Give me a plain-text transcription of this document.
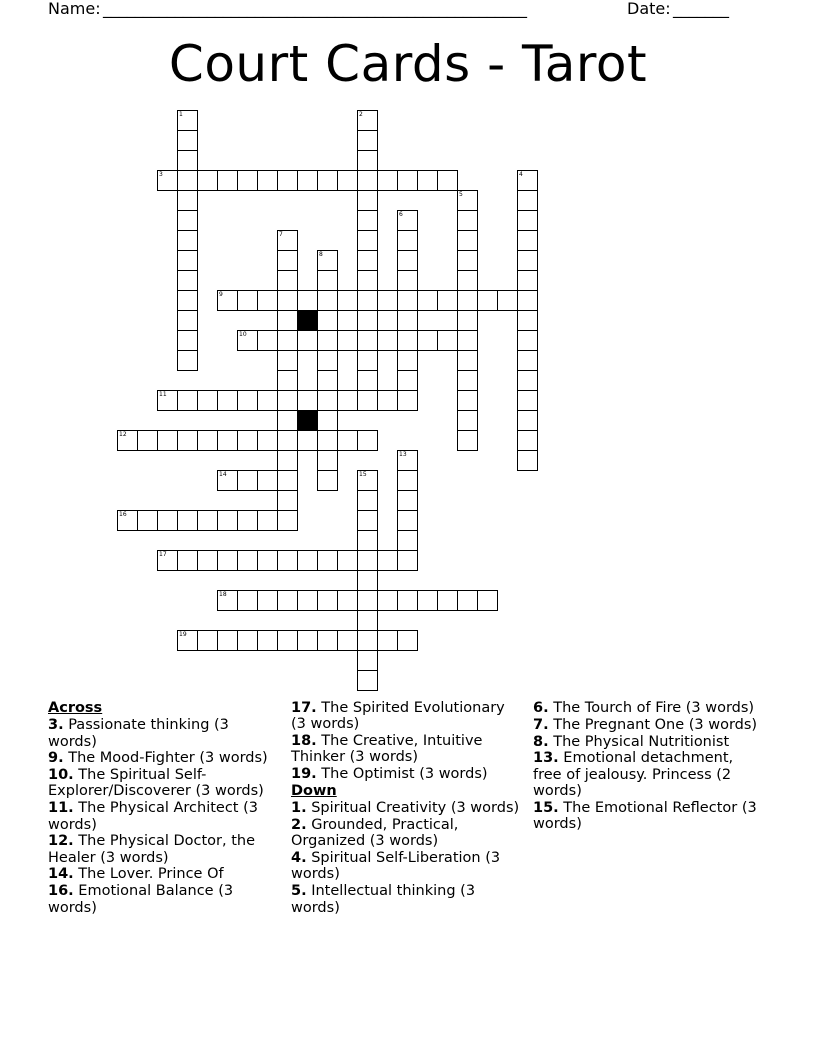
Name: _____________________________________________________	Date: _______
Court Cards - Tarot
1	2
3	4
5
6
7
8
9
10
11
12
13
14	15
16
17
18
19
Across
3. Passionate thinking (3 words)
9. The Mood-Fighter (3 words)
10. The Spiritual Self-Explorer/Discoverer (3 words)
11. The Physical Architect (3 words)
12. The Physical Doctor, the Healer (3 words)
14. The Lover. Prince Of
16. Emotional Balance (3 words)
17. The Spirited Evolutionary (3 words)
18. The Creative, Intuitive Thinker (3 words)
19. The Optimist (3 words)
Down
1. Spiritual Creativity (3 words)
2. Grounded, Practical, Organized (3 words)
4. Spiritual Self-Liberation (3 words)
5. Intellectual thinking (3 words)
6. The Tourch of Fire (3 words)
7. The Pregnant One (3 words)
8. The Physical Nutritionist
13. Emotional detachment, free of jealousy. Princess (2 words)
15. The Emotional Reflector (3 words)
